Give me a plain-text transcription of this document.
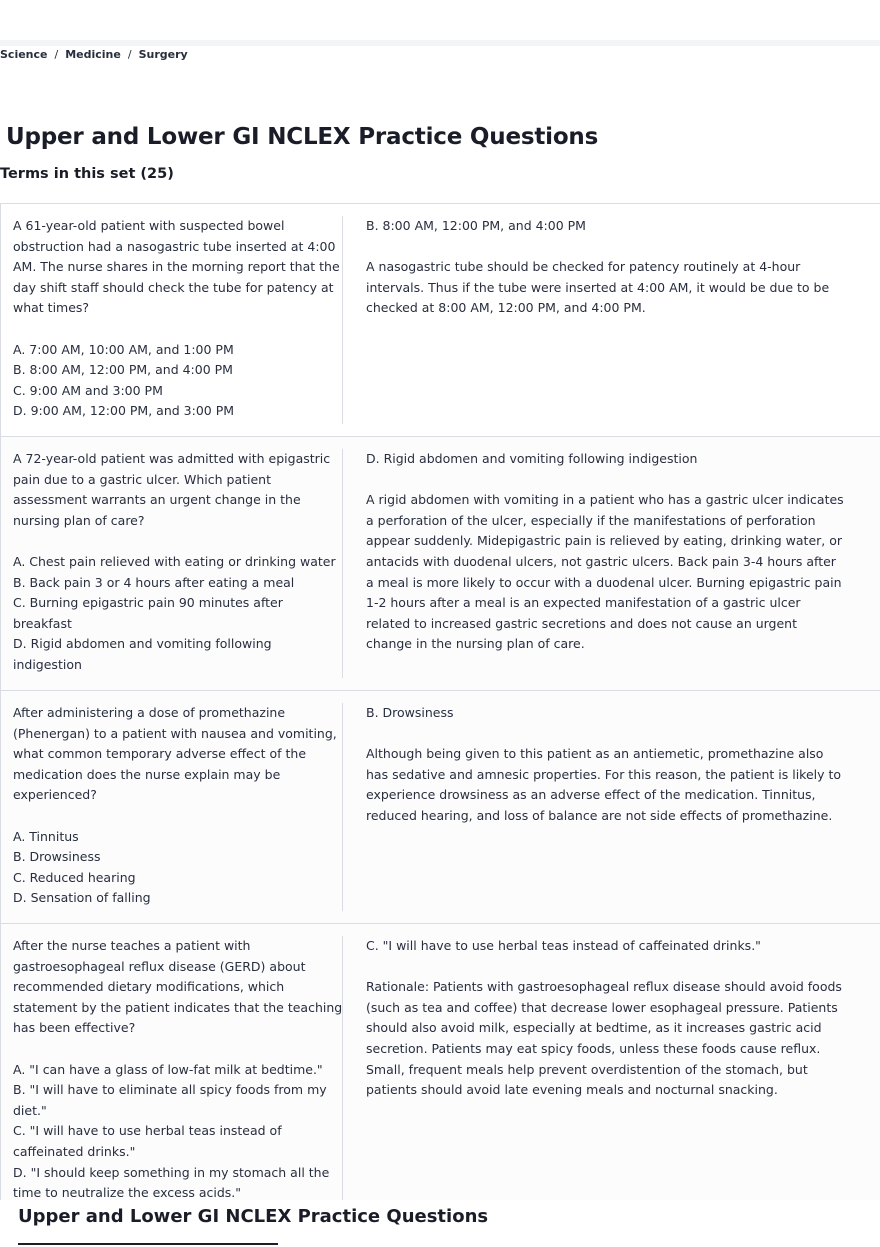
Science / Medicine / Surgery
Upper and Lower GI NCLEX Practice Questions
Terms in this set (25)

A 61-year-old patient with suspected bowel obstruction had a nasogastric tube inserted at 4:00 AM. The nurse shares in the morning report that the day shift staff should check the tube for patency at what times?

A. 7:00 AM, 10:00 AM, and 1:00 PM
B. 8:00 AM, 12:00 PM, and 4:00 PM
C. 9:00 AM and 3:00 PM
D. 9:00 AM, 12:00 PM, and 3:00 PM

B. 8:00 AM, 12:00 PM, and 4:00 PM

A nasogastric tube should be checked for patency routinely at 4-hour intervals. Thus if the tube were inserted at 4:00 AM, it would be due to be checked at 8:00 AM, 12:00 PM, and 4:00 PM.

A 72-year-old patient was admitted with epigastric pain due to a gastric ulcer. Which patient assessment warrants an urgent change in the nursing plan of care?

A. Chest pain relieved with eating or drinking water
B. Back pain 3 or 4 hours after eating a meal
C. Burning epigastric pain 90 minutes after breakfast
D. Rigid abdomen and vomiting following indigestion

D. Rigid abdomen and vomiting following indigestion

A rigid abdomen with vomiting in a patient who has a gastric ulcer indicates a perforation of the ulcer, especially if the manifestations of perforation appear suddenly. Midepigastric pain is relieved by eating, drinking water, or antacids with duodenal ulcers, not gastric ulcers. Back pain 3-4 hours after a meal is more likely to occur with a duodenal ulcer. Burning epigastric pain 1-2 hours after a meal is an expected manifestation of a gastric ulcer related to increased gastric secretions and does not cause an urgent change in the nursing plan of care.

After administering a dose of promethazine (Phenergan) to a patient with nausea and vomiting, what common temporary adverse effect of the medication does the nurse explain may be experienced?

A. Tinnitus
B. Drowsiness
C. Reduced hearing
D. Sensation of falling

B. Drowsiness

Although being given to this patient as an antiemetic, promethazine also has sedative and amnesic properties. For this reason, the patient is likely to experience drowsiness as an adverse effect of the medication. Tinnitus, reduced hearing, and loss of balance are not side effects of promethazine.

After the nurse teaches a patient with gastroesophageal reflux disease (GERD) about recommended dietary modifications, which statement by the patient indicates that the teaching has been effective?

A. "I can have a glass of low-fat milk at bedtime."
B. "I will have to eliminate all spicy foods from my diet."
C. "I will have to use herbal teas instead of caffeinated drinks."
D. "I should keep something in my stomach all the time to neutralize the excess acids."

C. "I will have to use herbal teas instead of caffeinated drinks."

Rationale: Patients with gastroesophageal reflux disease should avoid foods (such as tea and coffee) that decrease lower esophageal pressure. Patients should also avoid milk, especially at bedtime, as it increases gastric acid secretion. Patients may eat spicy foods, unless these foods cause reflux. Small, frequent meals help prevent overdistention of the stomach, but patients should avoid late evening meals and nocturnal snacking.

Upper and Lower GI NCLEX Practice Questions
